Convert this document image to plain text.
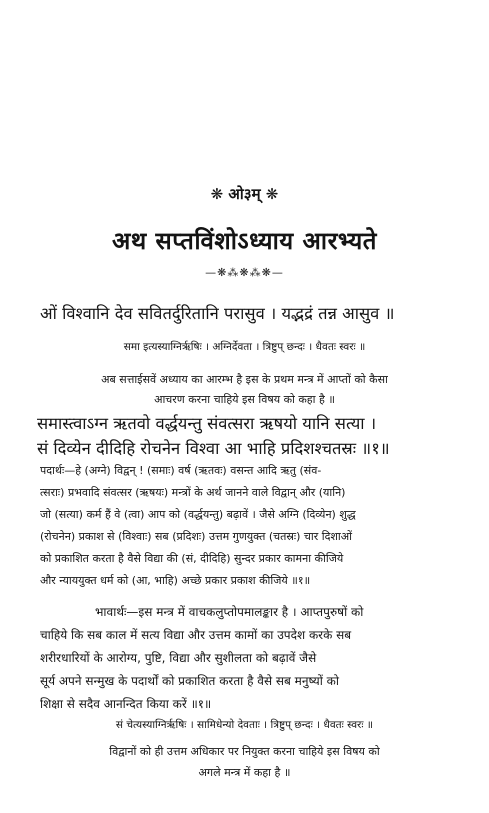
❋ ओ३म् ❋
अथ सप्तविंशोऽध्याय आरभ्यते
—❋⁂❋⁂❋—
ओं विश्वानि देव सवितर्दुरितानि परासुव । यद्भद्रं तन्न आसुव ॥
समा इत्यस्याग्निर्ऋषिः । अग्निर्देवता । त्रिष्टुप् छन्दः । धैवतः स्वरः ॥
अब सत्ताईसवें अध्याय का आरम्भ है इस के प्रथम मन्त्र में आप्तों को कैसा
आचरण करना चाहिये इस विषय को कहा है ॥
समास्त्वाऽग्न ऋतवो वर्द्धयन्तु संवत्सरा ऋषयो यानि सत्या ।
सं दिव्येन दीदिहि रोचनेन विश्वा आ भाहि प्रदिशश्चतस्रः ॥१॥
पदार्थः—हे (अग्ने) विद्वन् ! (समाः) वर्ष (ऋतवः) वसन्त आदि ऋतु (संव-
त्सराः) प्रभवादि संवत्सर (ऋषयः) मन्त्रों के अर्थ जानने वाले विद्वान् और (यानि)
जो (सत्या) कर्म हैं वे (त्वा) आप को (वर्द्धयन्तु) बढ़ावें । जैसे अग्नि (दिव्येन) शुद्ध
(रोचनेन) प्रकाश से (विश्वाः) सब (प्रदिशः) उत्तम गुणयुक्त (चतस्रः) चार दिशाओं
को प्रकाशित करता है वैसे विद्या की (सं, दीदिहि) सुन्दर प्रकार कामना कीजिये
और न्याययुक्त धर्म को (आ, भाहि) अच्छे प्रकार प्रकाश कीजिये ॥१॥
भावार्थः—इस मन्त्र में वाचकलुप्तोपमालङ्कार है । आप्तपुरुषों को
चाहिये कि सब काल में सत्य विद्या और उत्तम कामों का उपदेश करके सब
शरीरधारियों के आरोग्य, पुष्टि, विद्या और सुशीलता को बढ़ावें जैसे
सूर्य अपने सन्मुख के पदार्थों को प्रकाशित करता है वैसे सब मनुष्यों को
शिक्षा से सदैव आनन्दित किया करें ॥१॥
सं चेत्यस्याग्निर्ऋषिः । सामिधेन्यो देवताः । त्रिष्टुप् छन्दः । धैवतः स्वरः ॥
विद्वानों को ही उत्तम अधिकार पर नियुक्त करना चाहिये इस विषय को
अगले मन्त्र में कहा है ॥
